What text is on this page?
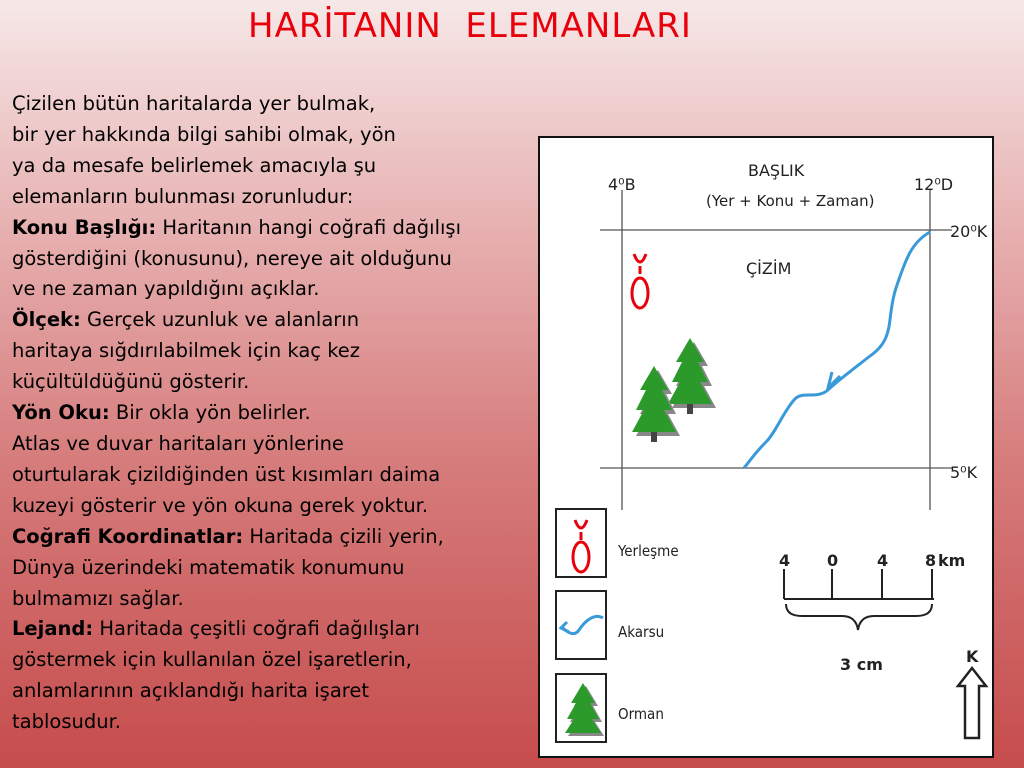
HARİTANIN  ELEMANLARI
Çizilen bütün haritalarda yer bulmak,
bir yer hakkında bilgi sahibi olmak, yön
ya da mesafe belirlemek amacıyla şu
elemanların bulunması zorunludur:
Konu Başlığı: Haritanın hangi coğrafi dağılışı
gösterdiğini (konusunu), nereye ait olduğunu
ve ne zaman yapıldığını açıklar.
Ölçek: Gerçek uzunluk ve alanların
haritaya sığdırılabilmek için kaç kez
küçültüldüğünü gösterir.
Yön Oku: Bir okla yön belirler.
Atlas ve duvar haritaları yönlerine
oturtularak çizildiğinden üst kısımları daima
kuzeyi gösterir ve yön okuna gerek yoktur.
Coğrafi Koordinatlar: Haritada çizili yerin,
Dünya üzerindeki matematik konumunu
bulmamızı sağlar.
Lejand: Haritada çeşitli coğrafi dağılışları
göstermek için kullanılan özel işaretlerin,
anlamlarının açıklandığı harita işaret
tablosudur.
4⁰B	12⁰D
20⁰K
5⁰K
BAŞLIK
(Yer + Konu + Zaman)
ÇİZİM
4 0 4 8 km
3 cm	K
Yerleşme
Akarsu
Orman
